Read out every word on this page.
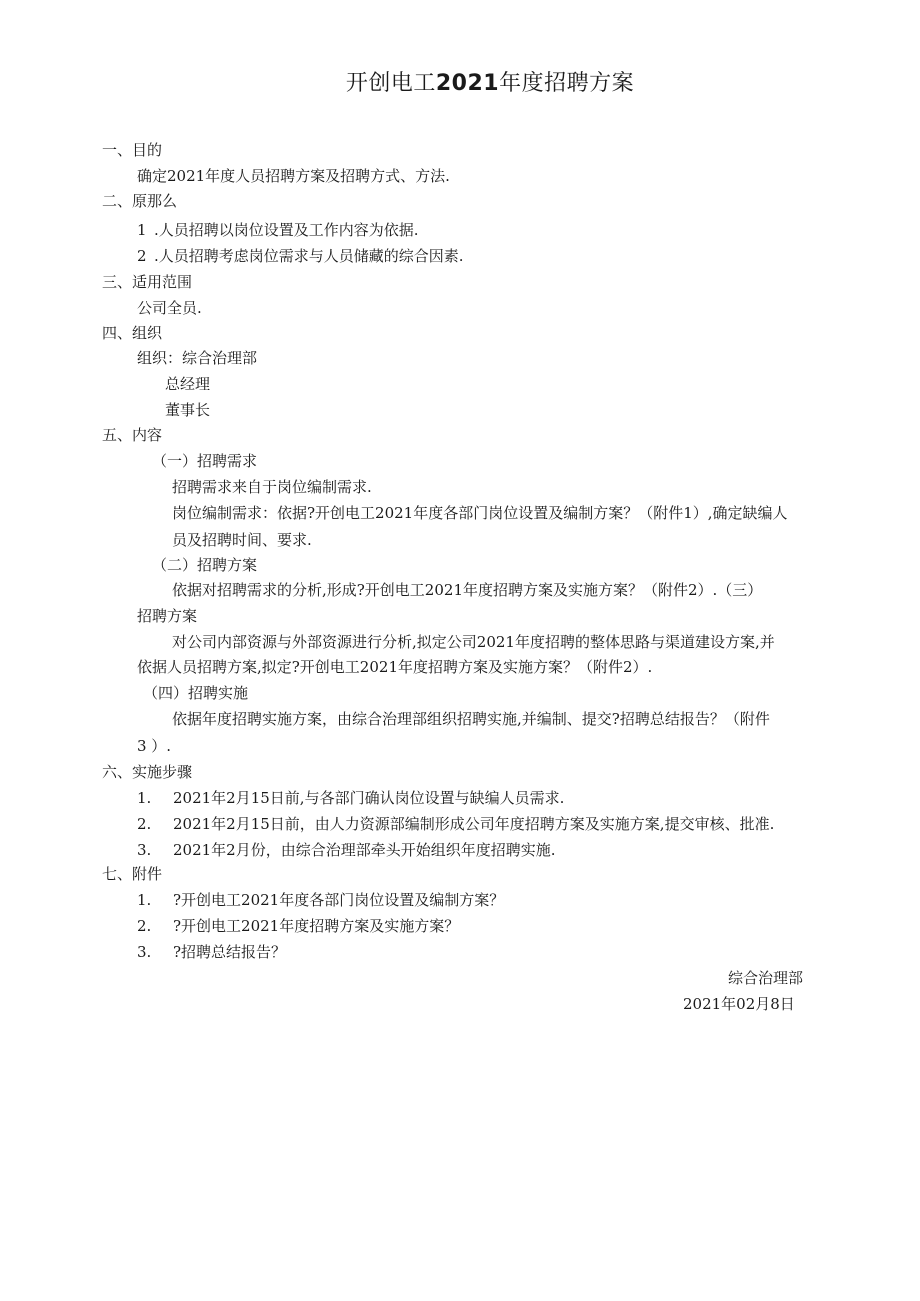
开创电工2021年度招聘方案
一、目的
确定2021年度人员招聘方案及招聘方式、方法.
二、原那么
1 .人员招聘以岗位设置及工作内容为依据.
2 .人员招聘考虑岗位需求与人员储藏的综合因素.
三、适用范围
公司全员.
四、组织
组织：综合治理部
总经理
董事长
五、内容
（一）招聘需求
招聘需求来自于岗位编制需求.
岗位编制需求：依据?开创电工2021年度各部门岗位设置及编制方案？（附件1）,确定缺编人
员及招聘时间、要求.
（二）招聘方案
依据对招聘需求的分析,形成?开创电工2021年度招聘方案及实施方案？（附件2）.（三）
招聘方案
对公司内部资源与外部资源进行分析,拟定公司2021年度招聘的整体思路与渠道建设方案,并
依据人员招聘方案,拟定?开创电工2021年度招聘方案及实施方案？（附件2）.
（四）招聘实施
依据年度招聘实施方案，由综合治理部组织招聘实施,并编制、提交?招聘总结报告？（附件
3 ）.
六、实施步骤
1. 2021年2月15日前,与各部门确认岗位设置与缺编人员需求.
2. 2021年2月15日前，由人力资源部编制形成公司年度招聘方案及实施方案,提交审核、批准.
3. 2021年2月份，由综合治理部牵头开始组织年度招聘实施.
七、附件
1. ?开创电工2021年度各部门岗位设置及编制方案？
2. ?开创电工2021年度招聘方案及实施方案？
3. ?招聘总结报告？
综合治理部
2021年02月8日
